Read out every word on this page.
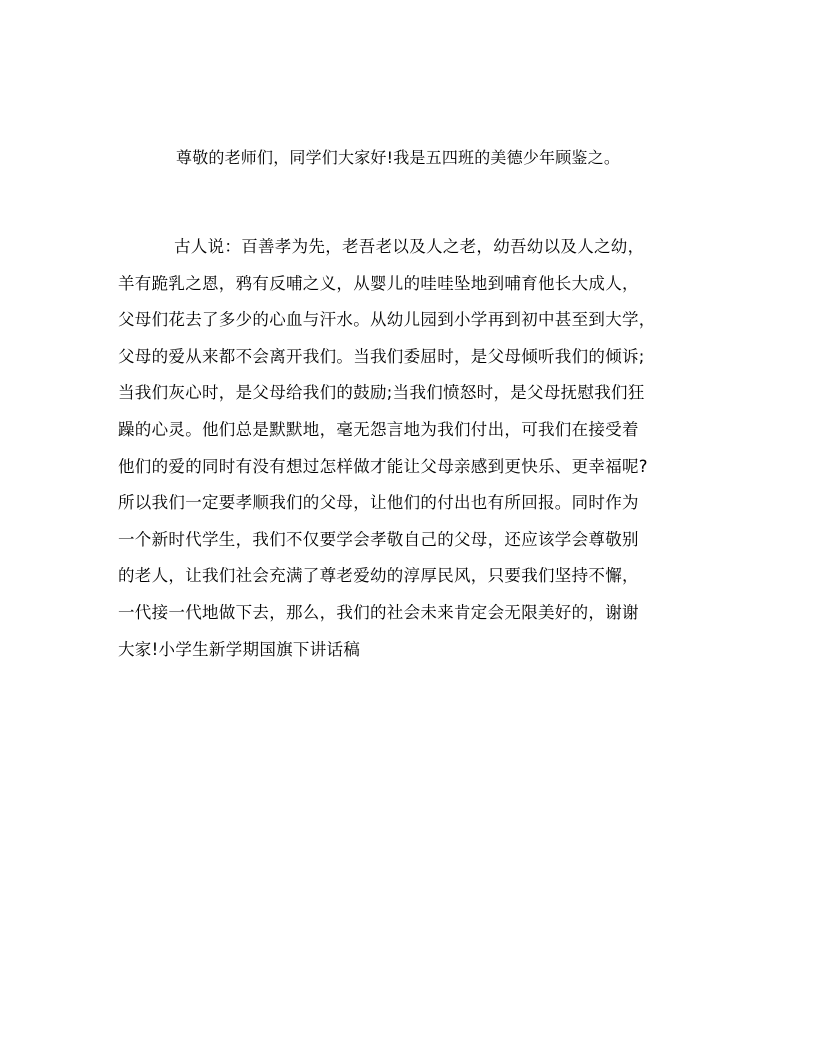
尊敬的老师们，同学们大家好!我是五四班的美德少年顾鉴之。
古人说：百善孝为先，老吾老以及人之老，幼吾幼以及人之幼，
羊有跪乳之恩，鸦有反哺之义，从婴儿的哇哇坠地到哺育他长大成人，
父母们花去了多少的心血与汗水。从幼儿园到小学再到初中甚至到大学，
父母的爱从来都不会离开我们。当我们委屈时，是父母倾听我们的倾诉;
当我们灰心时，是父母给我们的鼓励;当我们愤怒时，是父母抚慰我们狂
躁的心灵。他们总是默默地，毫无怨言地为我们付出，可我们在接受着
他们的爱的同时有没有想过怎样做才能让父母亲感到更快乐、更幸福呢?
所以我们一定要孝顺我们的父母，让他们的付出也有所回报。同时作为
一个新时代学生，我们不仅要学会孝敬自己的父母，还应该学会尊敬别
的老人，让我们社会充满了尊老爱幼的淳厚民风，只要我们坚持不懈，
一代接一代地做下去，那么，我们的社会未来肯定会无限美好的，谢谢
大家!小学生新学期国旗下讲话稿
